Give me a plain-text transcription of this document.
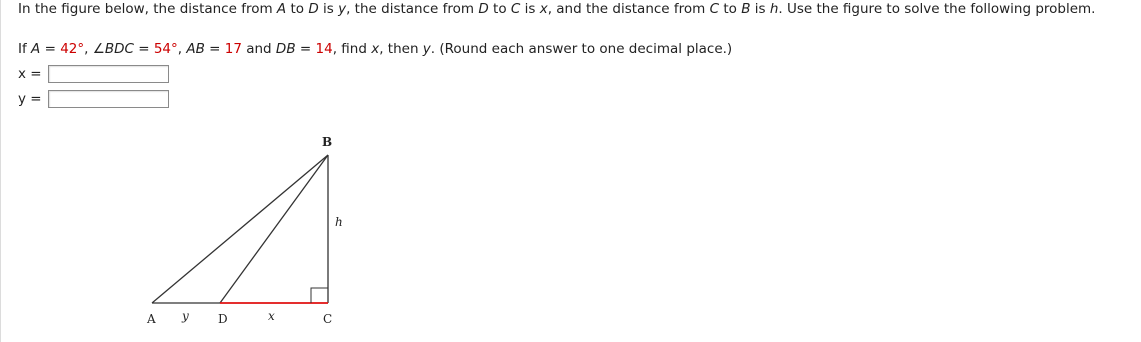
In the figure below, the distance from A to D is y, the distance from D to C is x, and the distance from C to B is h. Use the figure to solve the following problem.
If A = 42°, ∠BDC = 54°, AB = 17 and DB = 14, find x, then y. (Round each answer to one decimal place.)
x =
y =
B
h
A y D	x	C
